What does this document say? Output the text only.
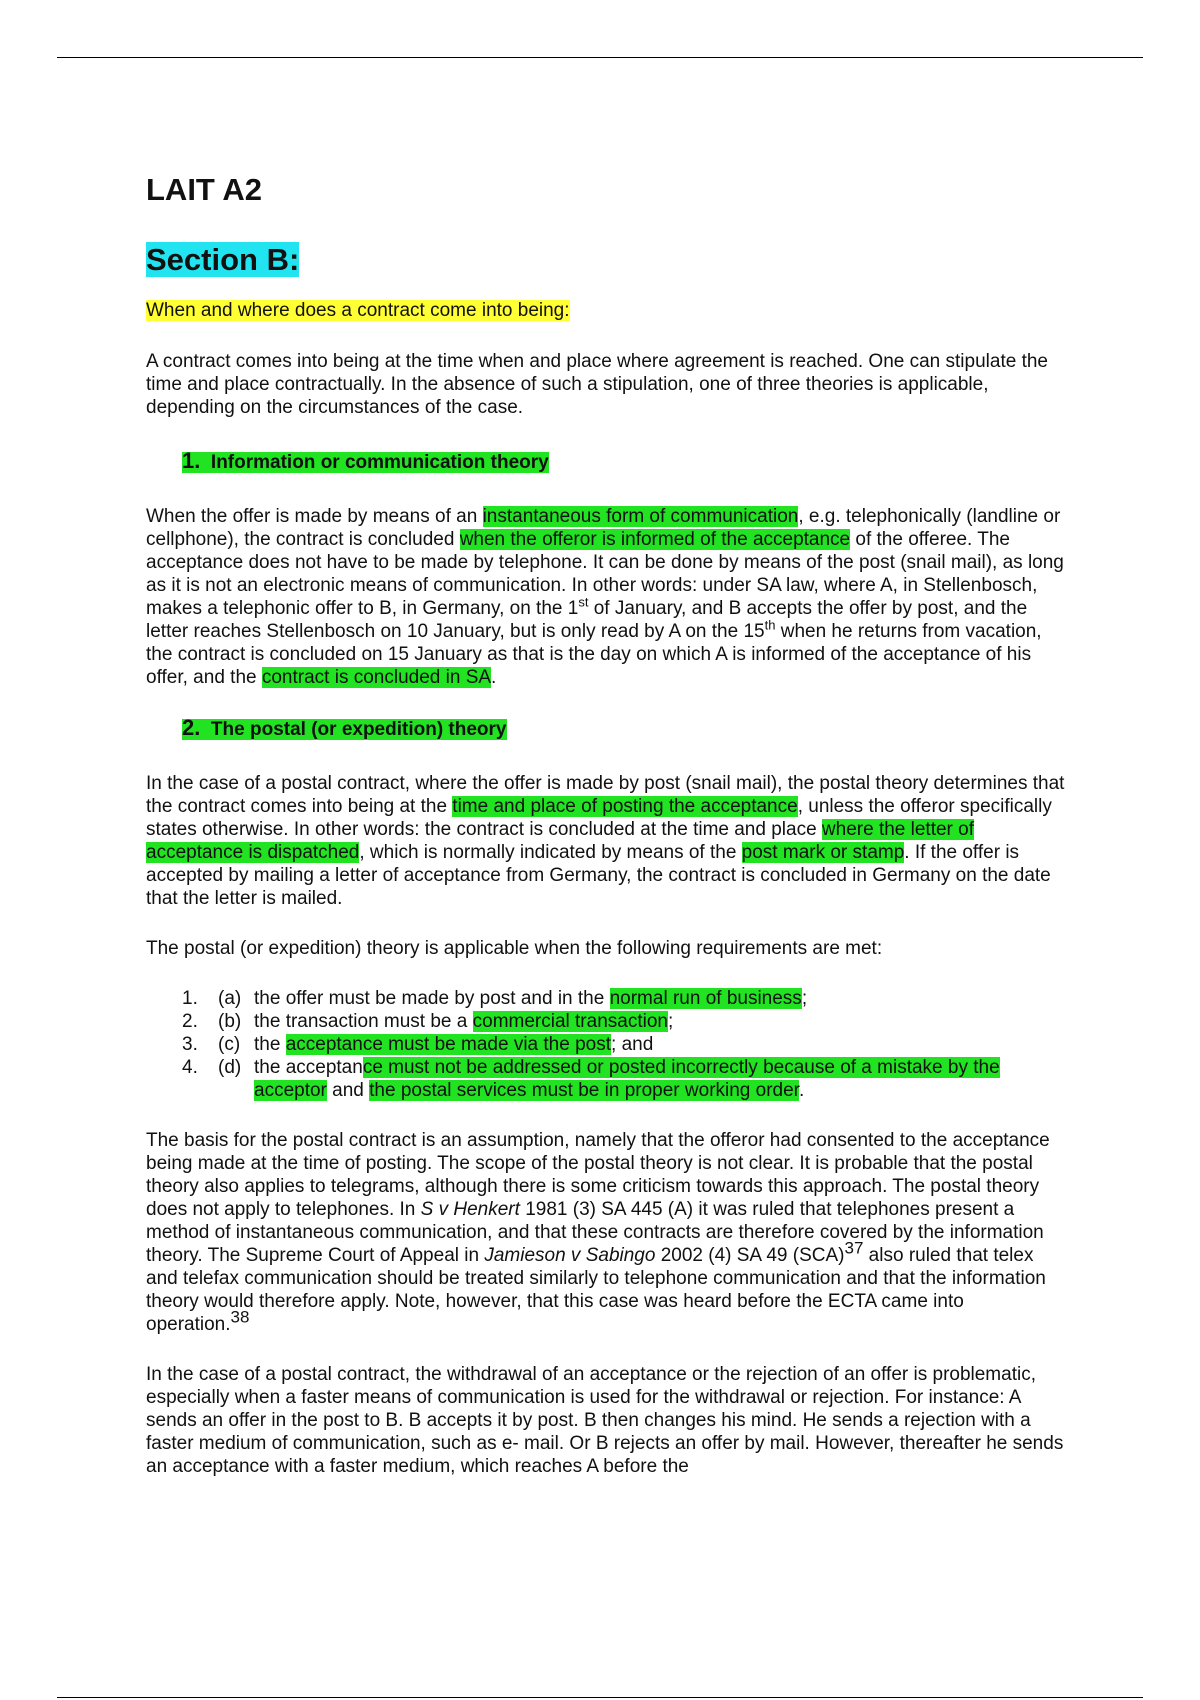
LAIT A2
Section B:
When and where does a contract come into being:

A contract comes into being at the time when and place where agreement is reached. One can stipulate the time and place contractually. In the absence of such a stipulation, one of three theories is applicable, depending on the circumstances of the case.

1. Information or communication theory

When the offer is made by means of an instantaneous form of communication, e.g. telephonically (landline or cellphone), the contract is concluded when the offeror is informed of the acceptance of the offeree. The acceptance does not have to be made by telephone. It can be done by means of the post (snail mail), as long as it is not an electronic means of communication. In other words: under SA law, where A, in Stellenbosch, makes a telephonic offer to B, in Germany, on the 1st of January, and B accepts the offer by post, and the letter reaches Stellenbosch on 10 January, but is only read by A on the 15th when he returns from vacation, the contract is concluded on 15 January as that is the day on which A is informed of the acceptance of his offer, and the contract is concluded in SA.

2. The postal (or expedition) theory

In the case of a postal contract, where the offer is made by post (snail mail), the postal theory determines that the contract comes into being at the time and place of posting the acceptance, unless the offeror specifically states otherwise. In other words: the contract is concluded at the time and place where the letter of acceptance is dispatched, which is normally indicated by means of the post mark or stamp. If the offer is accepted by mailing a letter of acceptance from Germany, the contract is concluded in Germany on the date that the letter is mailed.

The postal (or expedition) theory is applicable when the following requirements are met:

1.	(a) the offer must be made by post and in the normal run of business;
2.	(b) the transaction must be a commercial transaction;
3.	(c) the acceptance must be made via the post; and
4.	(d) the acceptance must not be addressed or posted incorrectly because of a mistake by the acceptor and the postal services must be in proper working order.

The basis for the postal contract is an assumption, namely that the offeror had consented to the acceptance being made at the time of posting. The scope of the postal theory is not clear. It is probable that the postal theory also applies to telegrams, although there is some criticism towards this approach. The postal theory does not apply to telephones. In S v Henkert 1981 (3) SA 445 (A) it was ruled that telephones present a method of instantaneous communication, and that these contracts are therefore covered by the information theory. The Supreme Court of Appeal in Jamieson v Sabingo 2002 (4) SA 49 (SCA)$^{37}$ also ruled that telex and telefax communication should be treated similarly to telephone communication and that the information theory would therefore apply. Note, however, that this case was heard before the ECTA came into operation.$^{38}$

In the case of a postal contract, the withdrawal of an acceptance or the rejection of an offer is problematic, especially when a faster means of communication is used for the withdrawal or rejection. For instance: A sends an offer in the post to B. B accepts it by post. B then changes his mind. He sends a rejection with a faster medium of communication, such as e- mail. Or B rejects an offer by mail. However, thereafter he sends an acceptance with a faster medium, which reaches A before the
